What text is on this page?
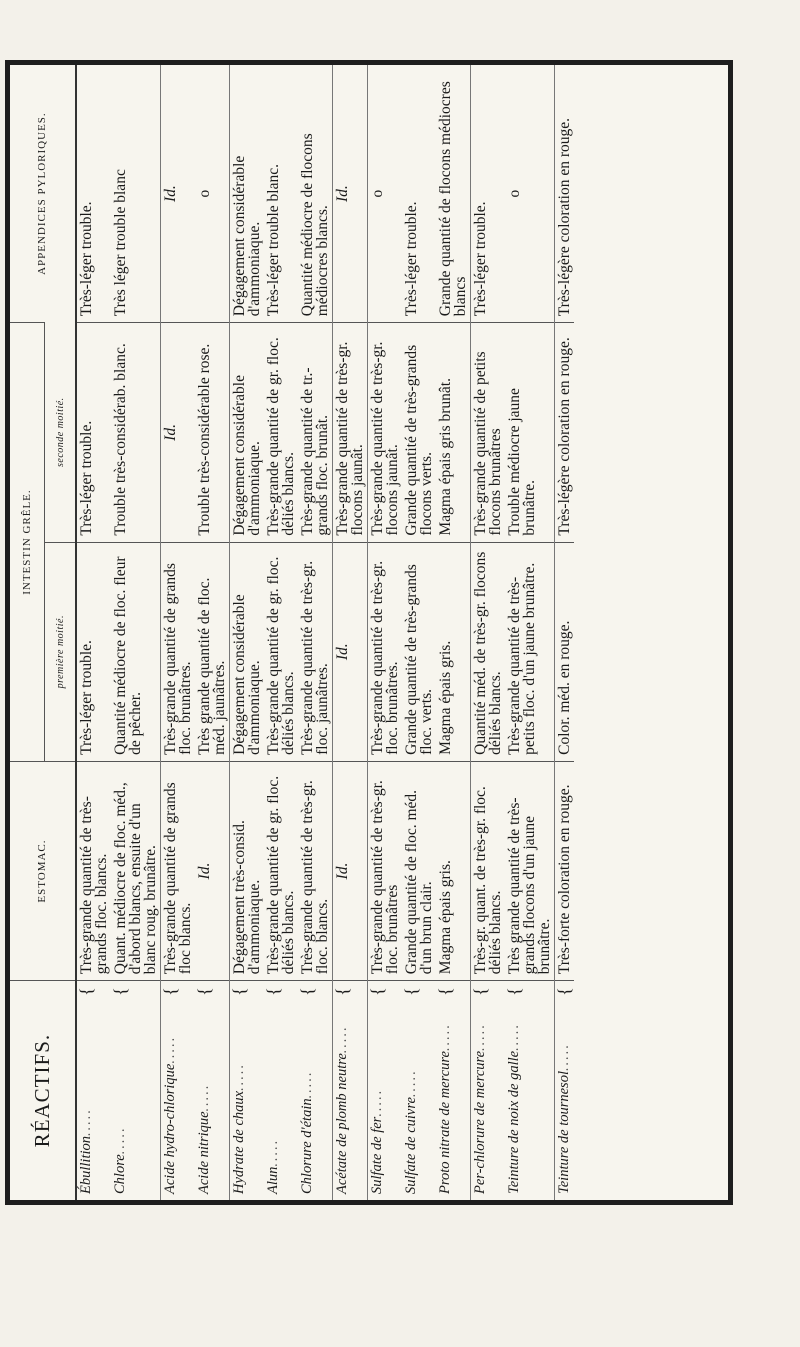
RÉACTIFS.	ESTOMAC.	INTESTIN GRÊLE.		APPENDICES PYLORIQUES.
		première moitié.	seconde moitié.	

{
Ébullition.....	Très-grande quantité de très-grands floc. blancs.	Très-léger trouble.	Très-léger trouble.	Très-léger trouble.

{
Chlore.....	Quant. médiocre de floc. méd., d'abord blancs, ensuite d'un blanc roug. brunâtre.	Quantité médiocre de floc. fleur de pêcher.	Trouble très-considérab. blanc.	Très léger trouble blanc

{
Acide hydro-chlorique.....	Très-grande quantité de grands floc blancs.	Très-grande quantité de grands floc. brunâtres.	Id.	Id.

{
Acide nitrique.....	Id.	Très grande quantité de floc. méd. jaunâtres.	Trouble très-considérable rose.	o

{
Hydrate de chaux.....	Dégagement très-consid. d'ammoniaque.	Dégagement considérable d'ammoniaque.	Dégagement considérable d'ammoniaque.	Dégagement considérable d'ammoniaque.

{
Alun.....	Très-grande quantité de gr. floc. déliés blancs.	Très-grande quantité de gr. floc. déliés blancs.	Très-grande quantité de gr. floc. déliés blancs.	Très-léger trouble blanc.

{
Chlorure d'étain.....	Très-grande quantité de très-gr. floc. blancs.	Très-grande quantité de très-gr. floc. jaunâtres.	Très-grande quantité de tr.-grands floc. brunât.	Quantité médiocre de flocons médiocres blancs.

{
Acétate de plomb neutre.....	Id.	Id.	Très-grande quantité de très-gr. flocons jaunât.	Id.

{
Sulfate de fer.....	Très-grande quantité de très-gr. floc. brunâtres	Très-grande quantité de très-gr. floc. brunâtres.	Très-grande quantité de très-gr. flocons jaunât.	o

{
Sulfate de cuivre.....	Grande quantité de floc. méd. d'un brun clair.	Grande quantité de très-grands floc. verts.	Grande quantité de très-grands flocons verts.	Très-léger trouble.

{
Proto nitrate de mercure.....	Magma épais gris.	Magma épais gris.	Magma épais gris brunât.	Grande quantité de flocons médiocres blancs

{
Per-chlorure de mercure.....	Très-gr. quant. de très-gr. floc. déliés blancs.	Quantité méd. de très-gr. flocons déliés blancs.	Très-grande quantité de petits flocons brunâtres	Très-léger trouble.

{
Teinture de noix de galle.....	Très grande quantité de très-grands flocons d'un jaune brunâtre.	Très-grande quantité de très-petits floc. d'un jaune brunâtre.	Trouble médiocre jaune brunâtre.	o

{
Teinture de tournesol.....	Très-forte coloration en rouge.	Color. méd. en rouge.	Très-légère coloration en rouge.	Très-légère coloration en rouge.
